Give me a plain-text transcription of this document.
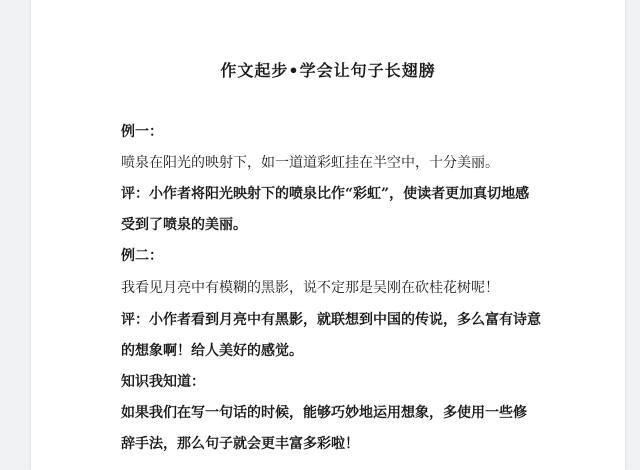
作文起步•学会让句子长翅膀

例一：

喷泉在阳光的映射下，如一道道彩虹挂在半空中，十分美丽。

评：小作者将阳光映射下的喷泉比作“彩虹”，使读者更加真切地感

受到了喷泉的美丽。

例二：

我看见月亮中有模糊的黑影，说不定那是吴刚在砍桂花树呢！

评：小作者看到月亮中有黑影，就联想到中国的传说，多么富有诗意

的想象啊！给人美好的感觉。

知识我知道：

如果我们在写一句话的时候，能够巧妙地运用想象，多使用一些修

辞手法，那么句子就会更丰富多彩啦！
